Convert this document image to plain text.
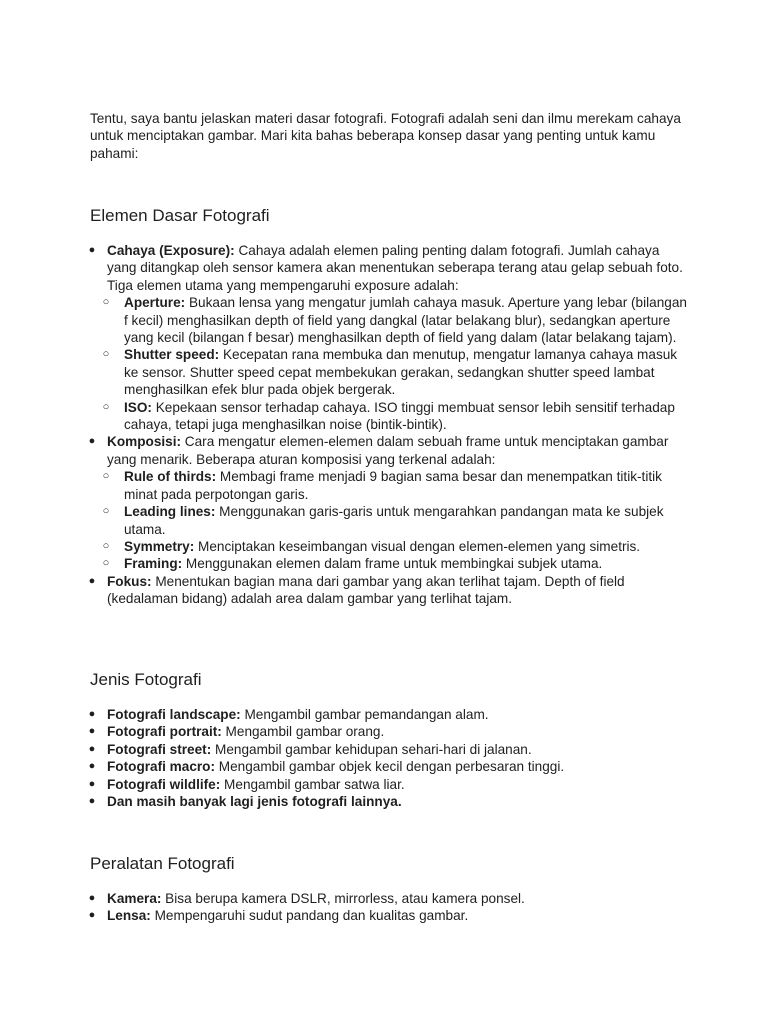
Tentu, saya bantu jelaskan materi dasar fotografi. Fotografi adalah seni dan ilmu merekam cahaya untuk menciptakan gambar. Mari kita bahas beberapa konsep dasar yang penting untuk kamu pahami:

Elemen Dasar Fotografi
● Cahaya (Exposure): Cahaya adalah elemen paling penting dalam fotografi. Jumlah cahaya yang ditangkap oleh sensor kamera akan menentukan seberapa terang atau gelap sebuah foto. Tiga elemen utama yang mempengaruhi exposure adalah:
○ Aperture: Bukaan lensa yang mengatur jumlah cahaya masuk. Aperture yang lebar (bilangan f kecil) menghasilkan depth of field yang dangkal (latar belakang blur), sedangkan aperture yang kecil (bilangan f besar) menghasilkan depth of field yang dalam (latar belakang tajam).
○ Shutter speed: Kecepatan rana membuka dan menutup, mengatur lamanya cahaya masuk ke sensor. Shutter speed cepat membekukan gerakan, sedangkan shutter speed lambat menghasilkan efek blur pada objek bergerak.
○ ISO: Kepekaan sensor terhadap cahaya. ISO tinggi membuat sensor lebih sensitif terhadap cahaya, tetapi juga menghasilkan noise (bintik-bintik).
● Komposisi: Cara mengatur elemen-elemen dalam sebuah frame untuk menciptakan gambar yang menarik. Beberapa aturan komposisi yang terkenal adalah:
○ Rule of thirds: Membagi frame menjadi 9 bagian sama besar dan menempatkan titik-titik minat pada perpotongan garis.
○ Leading lines: Menggunakan garis-garis untuk mengarahkan pandangan mata ke subjek utama.
○ Symmetry: Menciptakan keseimbangan visual dengan elemen-elemen yang simetris.
○ Framing: Menggunakan elemen dalam frame untuk membingkai subjek utama.
● Fokus: Menentukan bagian mana dari gambar yang akan terlihat tajam. Depth of field (kedalaman bidang) adalah area dalam gambar yang terlihat tajam.
Jenis Fotografi
● Fotografi landscape: Mengambil gambar pemandangan alam.
● Fotografi portrait: Mengambil gambar orang.
● Fotografi street: Mengambil gambar kehidupan sehari-hari di jalanan.
● Fotografi macro: Mengambil gambar objek kecil dengan perbesaran tinggi.
● Fotografi wildlife: Mengambil gambar satwa liar.
● Dan masih banyak lagi jenis fotografi lainnya.
Peralatan Fotografi
● Kamera: Bisa berupa kamera DSLR, mirrorless, atau kamera ponsel.
● Lensa: Mempengaruhi sudut pandang dan kualitas gambar.
